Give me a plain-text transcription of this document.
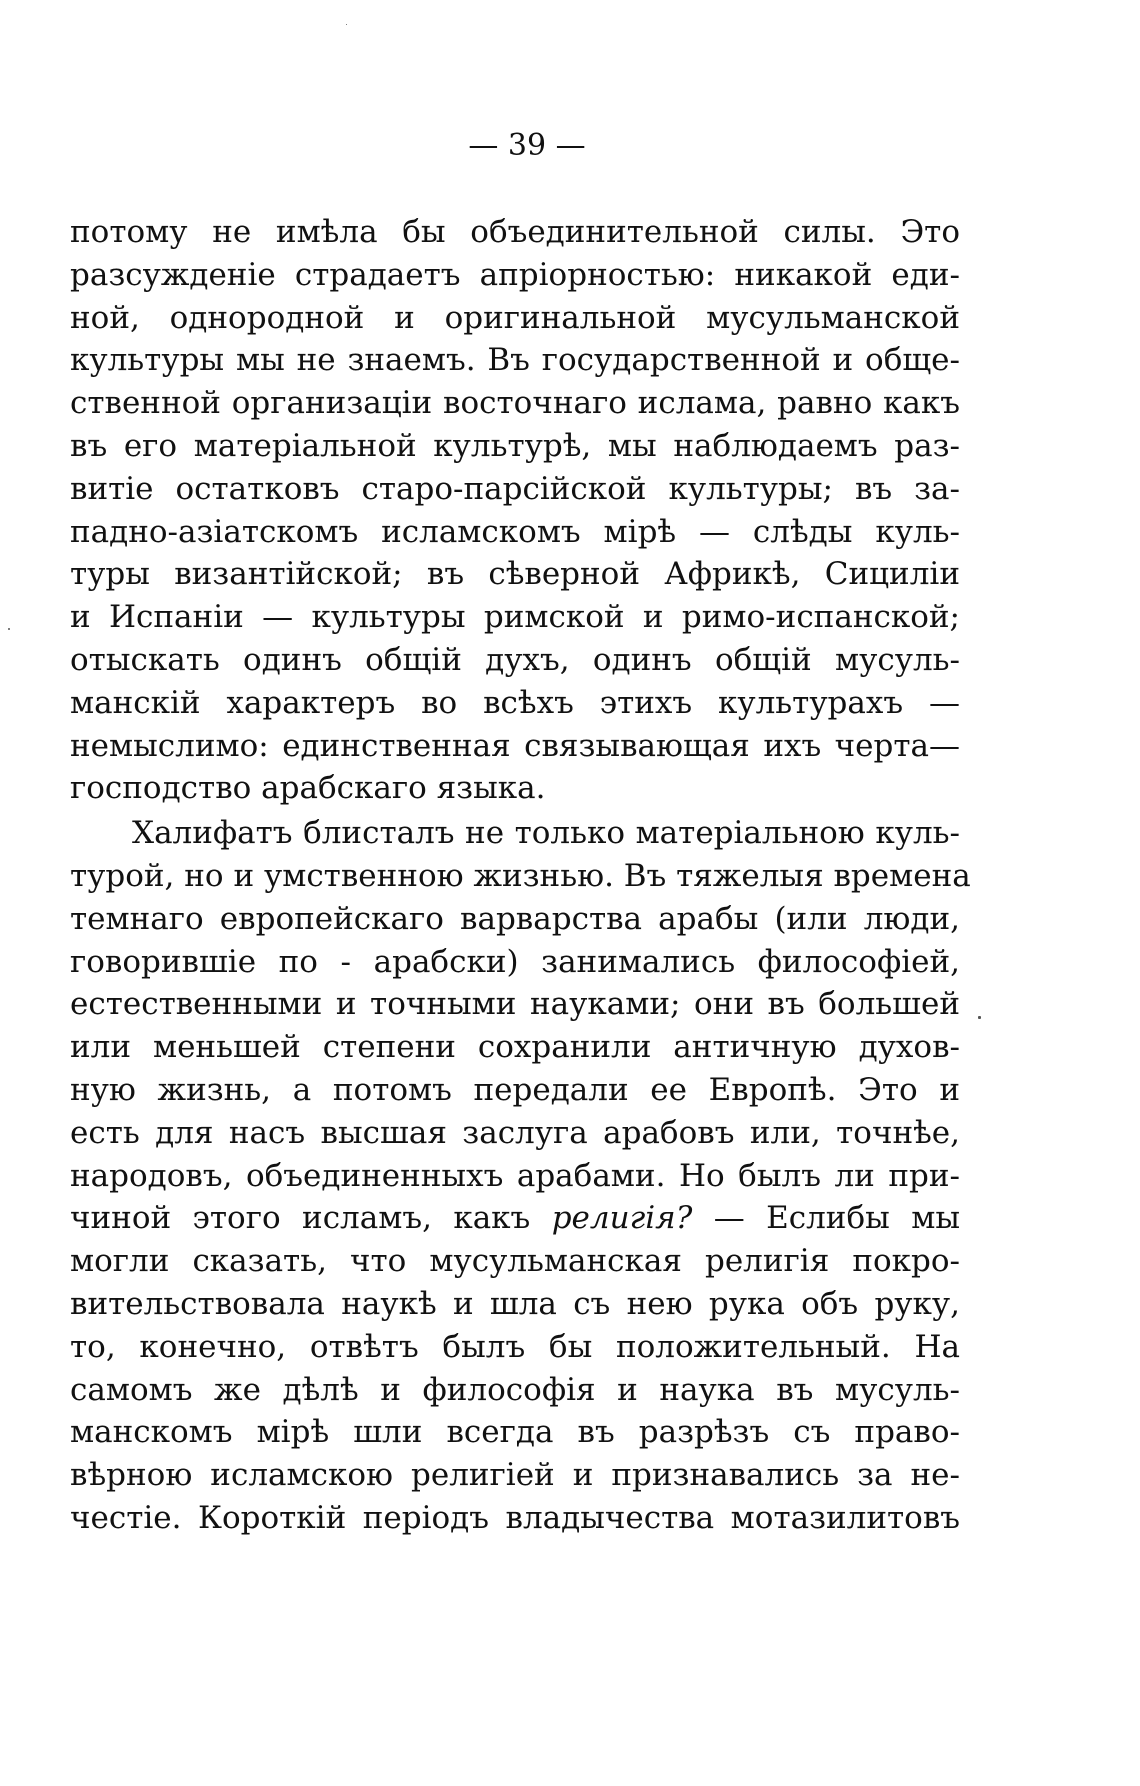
— 39 —
потому не имѣла бы объединительной силы. Это
разсужденіе страдаетъ апріорностью: никакой еди-
ной, однородной и оригинальной мусульманской
культуры мы не знаемъ. Въ государственной и обще-
ственной организаціи восточнаго ислама, равно какъ
въ его матеріальной культурѣ, мы наблюдаемъ раз-
витіе остатковъ старо-парсійской культуры; въ за-
падно-азіатскомъ исламскомъ мірѣ — слѣды куль-
туры византійской; въ сѣверной Африкѣ, Сициліи
и Испаніи — культуры римской и римо-испанской;
отыскать одинъ общій духъ, одинъ общій мусуль-
манскій характеръ во всѣхъ этихъ культурахъ —
немыслимо: единственная связывающая ихъ черта—
господство арабскаго языка.
Халифатъ блисталъ не только матеріальною куль-
турой, но и умственною жизнью. Въ тяжелыя времена
темнаго европейскаго варварства арабы (или люди,
говорившіе по - арабски) занимались философіей,
естественными и точными науками; они въ большей
или меньшей степени сохранили античную духов-
ную жизнь, а потомъ передали ее Европѣ. Это и
есть для насъ высшая заслуга арабовъ или, точнѣе,
народовъ, объединенныхъ арабами. Но былъ ли при-
чиной этого исламъ, какъ религія? — Еслибы мы
могли сказать, что мусульманская религія покро-
вительствовала наукѣ и шла съ нею рука объ руку,
то, конечно, отвѣтъ былъ бы положительный. На
самомъ же дѣлѣ и философія и наука въ мусуль-
манскомъ мірѣ шли всегда въ разрѣзъ съ право-
вѣрною исламскою религіей и признавались за не-
честіе. Короткій періодъ владычества мотазилитовъ
